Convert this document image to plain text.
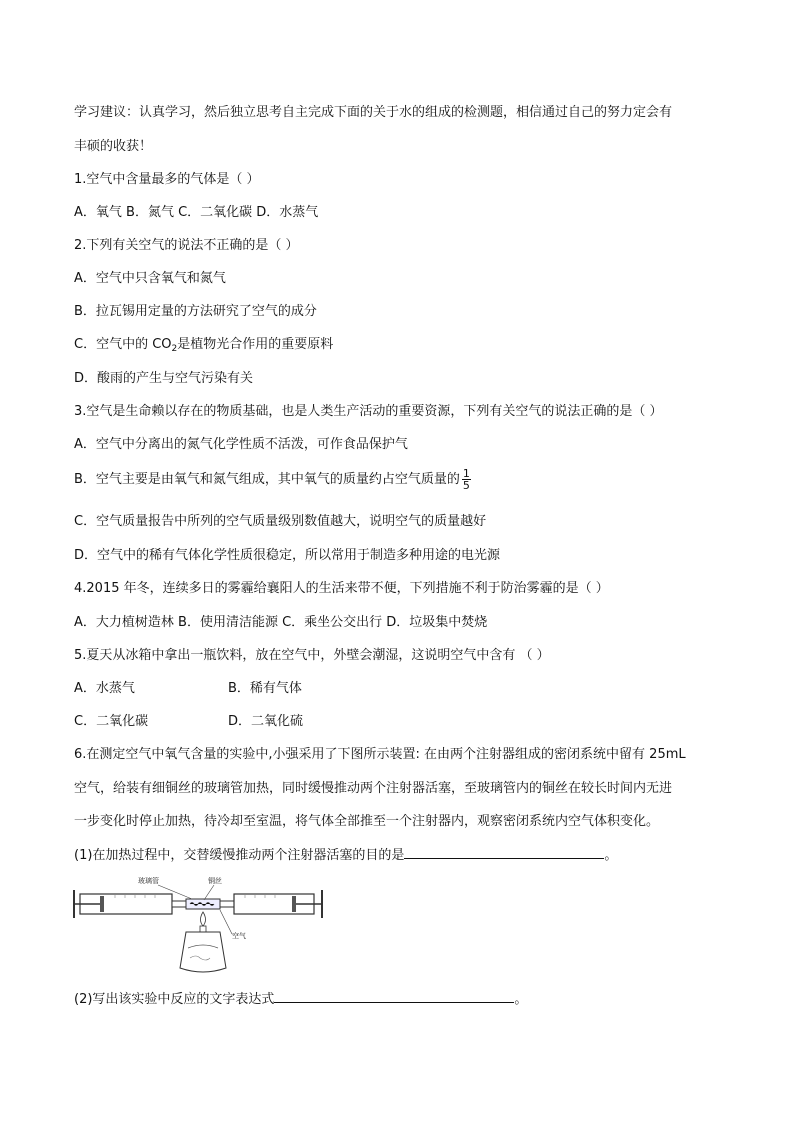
学习建议：认真学习，然后独立思考自主完成下面的关于水的组成的检测题，相信通过自己的努力定会有
丰硕的收获！
1.空气中含量最多的气体是（ ）
A．氧气 B．氮气 C．二氧化碳 D．水蒸气
2.下列有关空气的说法不正确的是（ ）
A．空气中只含氧气和氮气
B．拉瓦锡用定量的方法研究了空气的成分
C．空气中的 $CO_2$是植物光合作用的重要原料
D．酸雨的产生与空气污染有关
3.空气是生命赖以存在的物质基础，也是人类生产活动的重要资源，下列有关空气的说法正确的是（ ）
A．空气中分离出的氮气化学性质不活泼，可作食品保护气
B．空气主要是由氧气和氮气组成，其中氧气的质量约占空气质量的 $\frac{1}{5}$
C．空气质量报告中所列的空气质量级别数值越大，说明空气的质量越好
D．空气中的稀有气体化学性质很稳定，所以常用于制造多种用途的电光源
4.2015 年冬，连续多日的雾霾给襄阳人的生活来带不便，下列措施不利于防治雾霾的是（ ）
A．大力植树造林 B．使用清洁能源 C．乘坐公交出行 D．垃圾集中焚烧
5.夏天从冰箱中拿出一瓶饮料，放在空气中，外壁会潮湿，这说明空气中含有 （ ）
A．水蒸气	B．稀有气体
C．二氧化碳	D．二氧化硫
6.在测定空气中氧气含量的实验中,小强采用了下图所示装置: 在由两个注射器组成的密闭系统中留有 25mL
空气，给装有细铜丝的玻璃管加热，同时缓慢推动两个注射器活塞，至玻璃管内的铜丝在较长时间内无进
一步变化时停止加热，待冷却至室温，将气体全部推至一个注射器内，观察密闭系统内空气体积变化。
(1)在加热过程中，交替缓慢推动两个注射器活塞的目的是	。
玻璃管	铜丝
空气
(2)写出该实验中反应的文字表达式	。
